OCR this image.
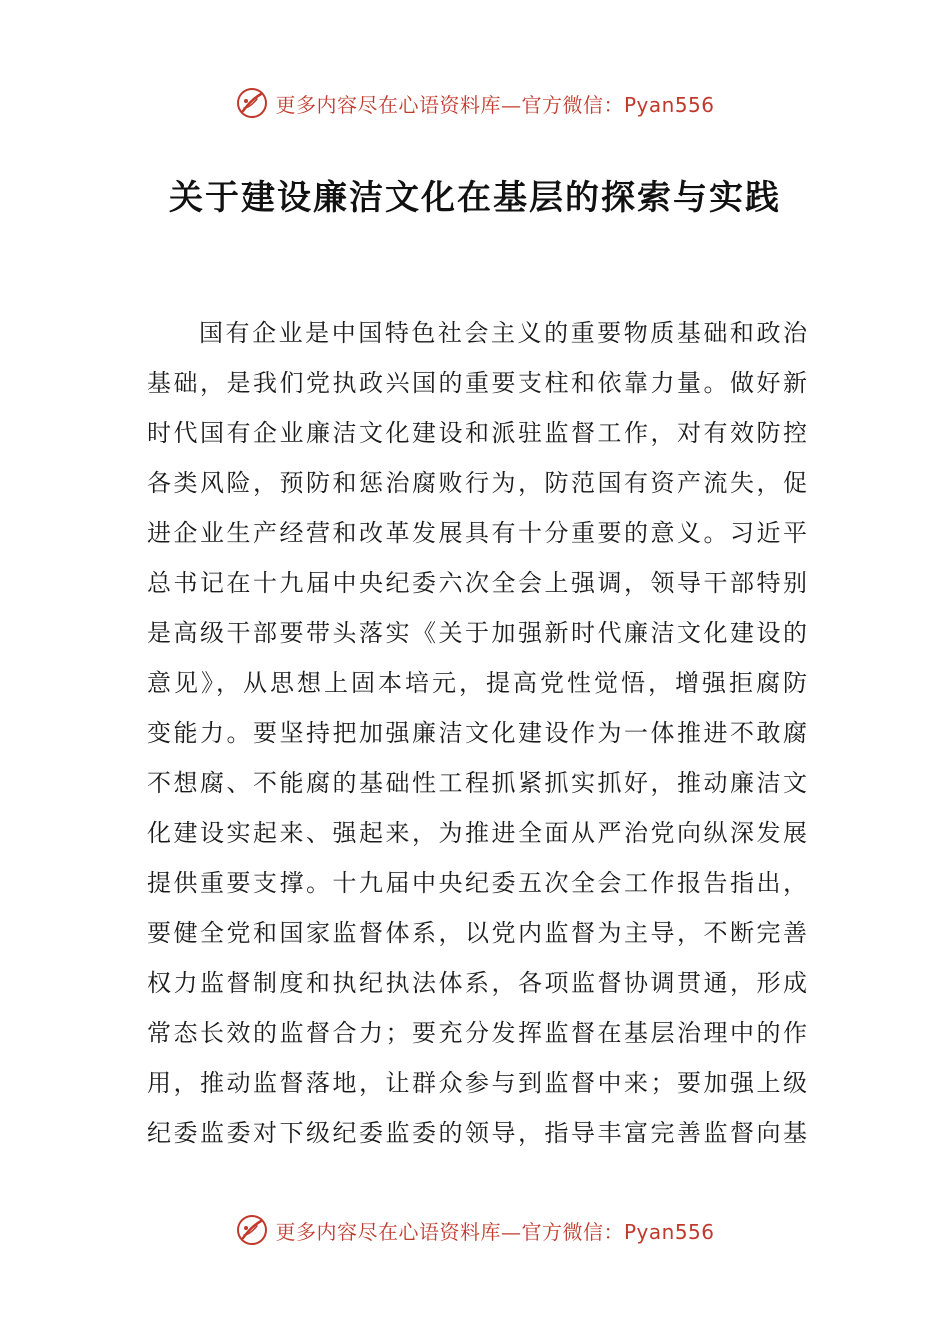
更多内容尽在心语资料库—官方微信：Pyan556
关于建设廉洁文化在基层的探索与实践
国有企业是中国特色社会主义的重要物质基础和政治
基础，是我们党执政兴国的重要支柱和依靠力量。做好新
时代国有企业廉洁文化建设和派驻监督工作，对有效防控
各类风险，预防和惩治腐败行为，防范国有资产流失，促
进企业生产经营和改革发展具有十分重要的意义。习近平
总书记在十九届中央纪委六次全会上强调，领导干部特别
是高级干部要带头落实《关于加强新时代廉洁文化建设的
意见》，从思想上固本培元，提高党性觉悟，增强拒腐防
变能力。要坚持把加强廉洁文化建设作为一体推进不敢腐
不想腐、不能腐的基础性工程抓紧抓实抓好，推动廉洁文
化建设实起来、强起来，为推进全面从严治党向纵深发展
提供重要支撑。十九届中央纪委五次全会工作报告指出，
要健全党和国家监督体系，以党内监督为主导，不断完善
权力监督制度和执纪执法体系，各项监督协调贯通，形成
常态长效的监督合力；要充分发挥监督在基层治理中的作
用，推动监督落地，让群众参与到监督中来；要加强上级
纪委监委对下级纪委监委的领导，指导丰富完善监督向基
更多内容尽在心语资料库—官方微信：Pyan556
